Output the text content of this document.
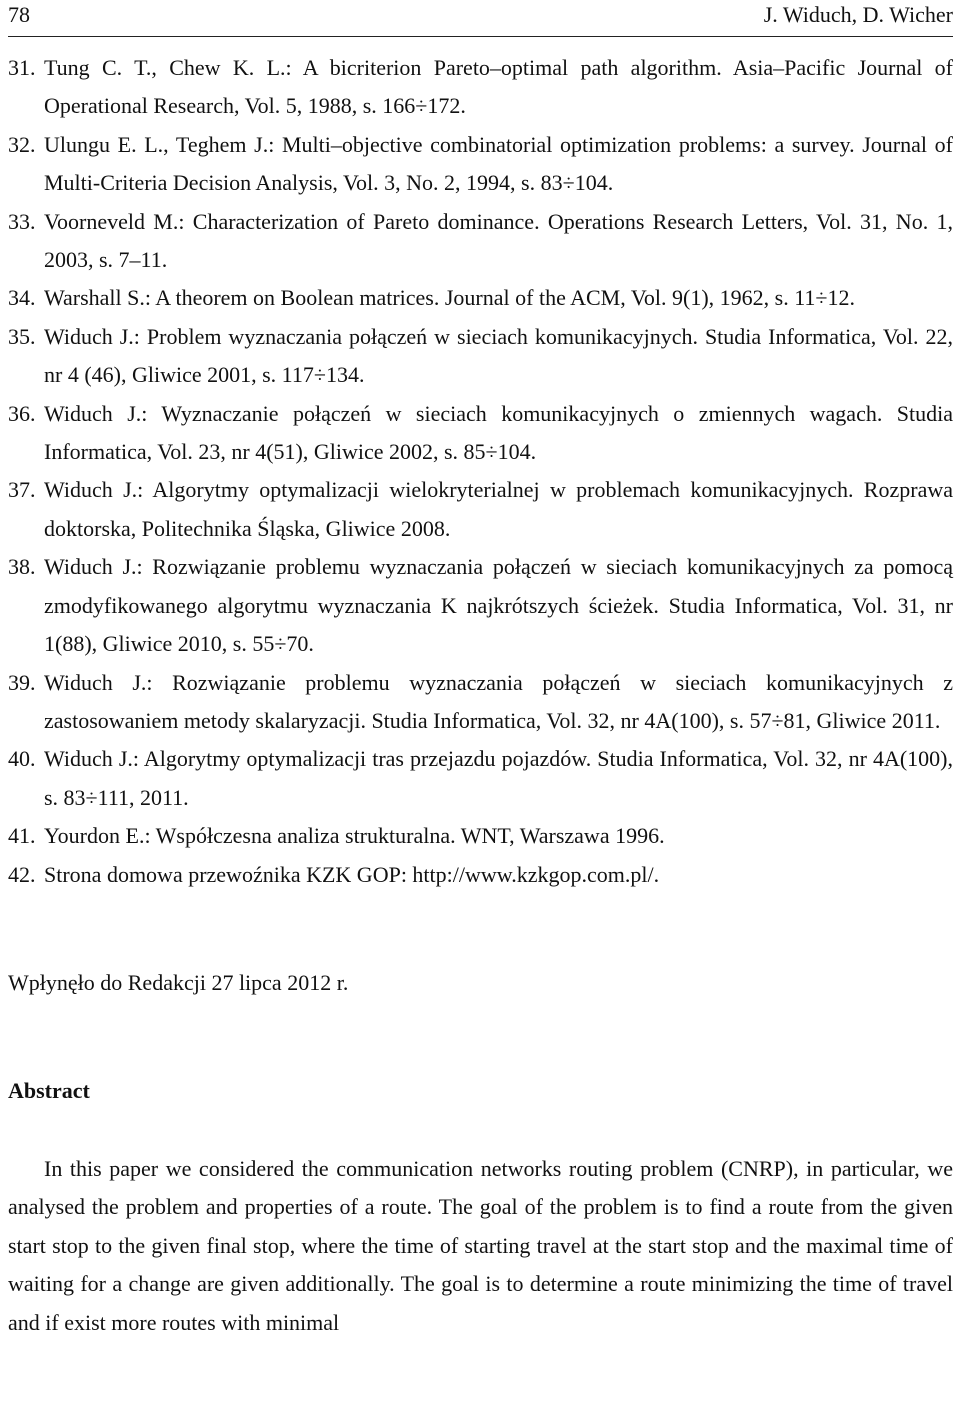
78	J. Widuch, D. Wicher
31. Tung C. T., Chew K. L.: A bicriterion Pareto–optimal path algorithm. Asia–Pacific Journal of Operational Research, Vol. 5, 1988, s. 166÷172.
32. Ulungu E. L., Teghem J.: Multi–objective combinatorial optimization problems: a survey. Journal of Multi-Criteria Decision Analysis, Vol. 3, No. 2, 1994, s. 83÷104.
33. Voorneveld M.: Characterization of Pareto dominance. Operations Research Letters, Vol. 31, No. 1, 2003, s. 7–11.
34. Warshall S.: A theorem on Boolean matrices. Journal of the ACM, Vol. 9(1), 1962, s. 11÷12.
35. Widuch J.: Problem wyznaczania połączeń w sieciach komunikacyjnych. Studia Informatica, Vol. 22, nr 4 (46), Gliwice 2001, s. 117÷134.
36. Widuch J.: Wyznaczanie połączeń w sieciach komunikacyjnych o zmiennych wagach. Studia Informatica, Vol. 23, nr 4(51), Gliwice 2002, s. 85÷104.
37. Widuch J.: Algorytmy optymalizacji wielokryterialnej w problemach komunikacyjnych. Rozprawa doktorska, Politechnika Śląska, Gliwice 2008.
38. Widuch J.: Rozwiązanie problemu wyznaczania połączeń w sieciach komunikacyjnych za pomocą zmodyfikowanego algorytmu wyznaczania K najkrótszych ścieżek. Studia Informatica, Vol. 31, nr 1(88), Gliwice 2010, s. 55÷70.
39. Widuch J.: Rozwiązanie problemu wyznaczania połączeń w sieciach komunikacyjnych z zastosowaniem metody skalaryzacji. Studia Informatica, Vol. 32, nr 4A(100), s. 57÷81, Gliwice 2011.
40. Widuch J.: Algorytmy optymalizacji tras przejazdu pojazdów. Studia Informatica, Vol. 32, nr 4A(100), s. 83÷111, 2011.
41. Yourdon E.: Współczesna analiza strukturalna. WNT, Warszawa 1996.
42. Strona domowa przewoźnika KZK GOP: http://www.kzkgop.com.pl/.
Wpłynęło do Redakcji 27 lipca 2012 r.
Abstract
In this paper we considered the communication networks routing problem (CNRP), in particular, we analysed the problem and properties of a route. The goal of the problem is to find a route from the given start stop to the given final stop, where the time of starting travel at the start stop and the maximal time of waiting for a change are given additionally. The goal is to determine a route minimizing the time of travel and if exist more routes with minimal
